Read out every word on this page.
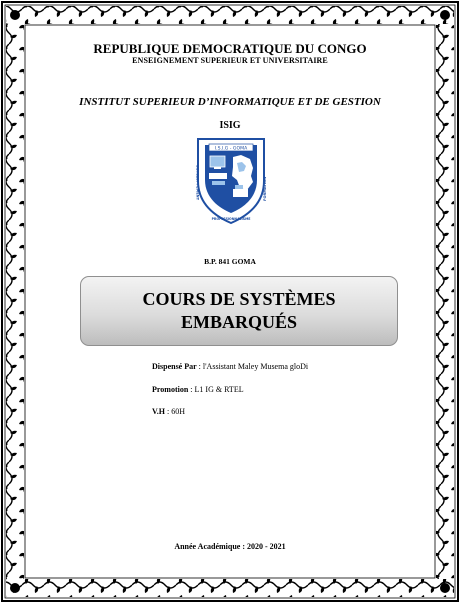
REPUBLIQUE DEMOCRATIQUE DU CONGO
ENSEIGNEMENT SUPERIEUR ET UNIVERSITAIRE
INSTITUT SUPERIEUR D’INFORMATIQUE ET DE GESTION
ISIG
I.S.I.G - GOMA
DEVELOPPEMENT	FORMATION
PROFESSIONNALISME
B.P. 841 GOMA
COURS DE SYSTÈMES
EMBARQUÉS
Dispensé Par : l'Assistant Maley Musema gloDi
Promotion : L1 IG & RTEL
V.H : 60H
Année Académique : 2020 - 2021
